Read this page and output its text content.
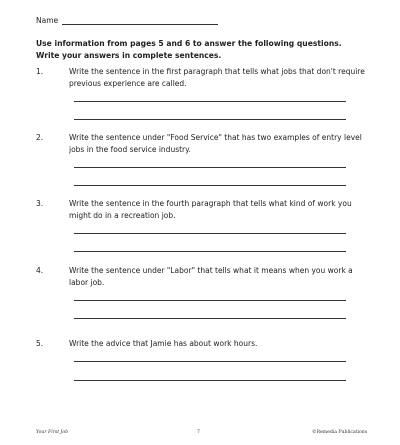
Name
Use information from pages 5 and 6 to answer the following questions. Write your answers in complete sentences.
1.	Write the sentence in the first paragraph that tells what jobs that don't require previous experience are called.
2.	Write the sentence under "Food Service" that has two examples of entry level jobs in the food service industry.
3.	Write the sentence in the fourth paragraph that tells what kind of work you might do in a recreation job.
4.	Write the sentence under "Labor" that tells what it means when you work a labor job.
5.	Write the advice that Jamie has about work hours.
Your First Job	7	©Remedia Publications
